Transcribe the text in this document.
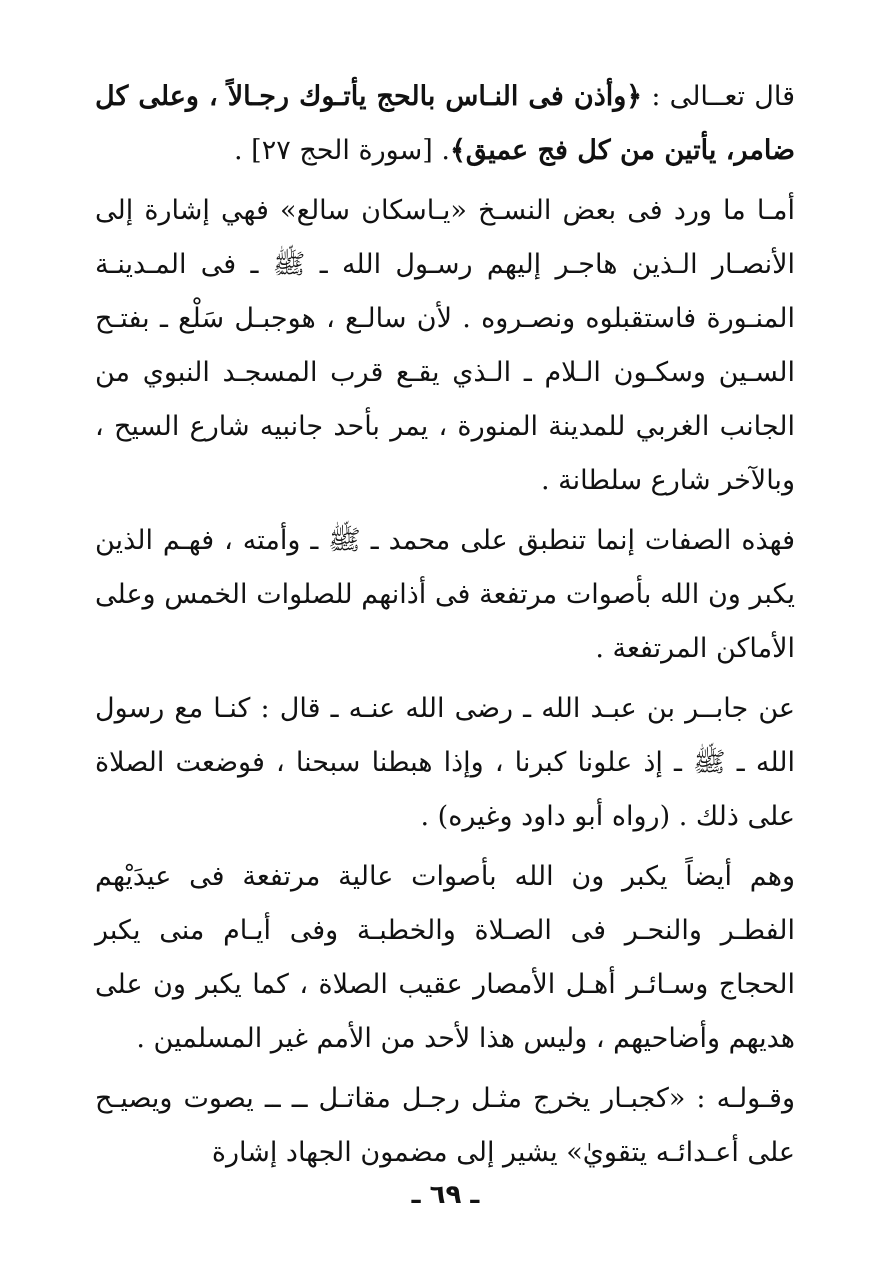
قال تعــالى : ﴿وأذن فى النـاس بالحج يأتـوك رجـالاً ، وعلى كل ضامر، يأتين من كل فج عميق﴾. [سورة الحج ٢٧] .

أمـا ما ورد فى بعض النسـخ «يـاسكان سالع» فهي إشارة إلى الأنصـار الـذين هاجـر إليهم رسـول الله ـ ﷺ ـ فى المـدينـة المنـورة فاستقبلوه ونصـروه . لأن سالـع ، هوجبـل سَلْع ـ بفتـح السـين وسكـون الـلام ـ الـذي يقـع قرب المسجـد النبوي من الجانب الغربي للمدينة المنورة ، يمر بأحد جانبيه شارع السيح ، وبالآخر شارع سلطانة .

فهذه الصفات إنما تنطبق على محمد ـ ﷺ ـ وأمته ، فهـم الذين يكبر ون الله بأصوات مرتفعة فى أذانهم للصلوات الخمس وعلى الأماكن المرتفعة .

عن جابــر بن عبـد الله ـ رضى الله عنـه ـ قال : كنـا مع رسول الله ـ ﷺ ـ إذ علونا كبرنا ، وإذا هبطنا سبحنا ، فوضعت الصلاة على ذلك . (رواه أبو داود وغيره) .

وهم أيضاً يكبر ون الله بأصوات عالية مرتفعة فى عيدَيْهم الفطـر والنحـر فى الصـلاة والخطبـة وفى أيـام منى يكبر الحجاج وسـائـر أهـل الأمصار عقيب الصلاة ، كما يكبر ون على هديهم وأضاحيهم ، وليس هذا لأحد من الأمم غير المسلمين .

وقـولـه : «كجبـار يخرج مثـل رجـل مقاتـل ــ ــ يصوت ويصيـح على أعـدائـه يتقويٰ» يشير إلى مضمون الجهاد إشارة

ـ ٦٩ ـ
